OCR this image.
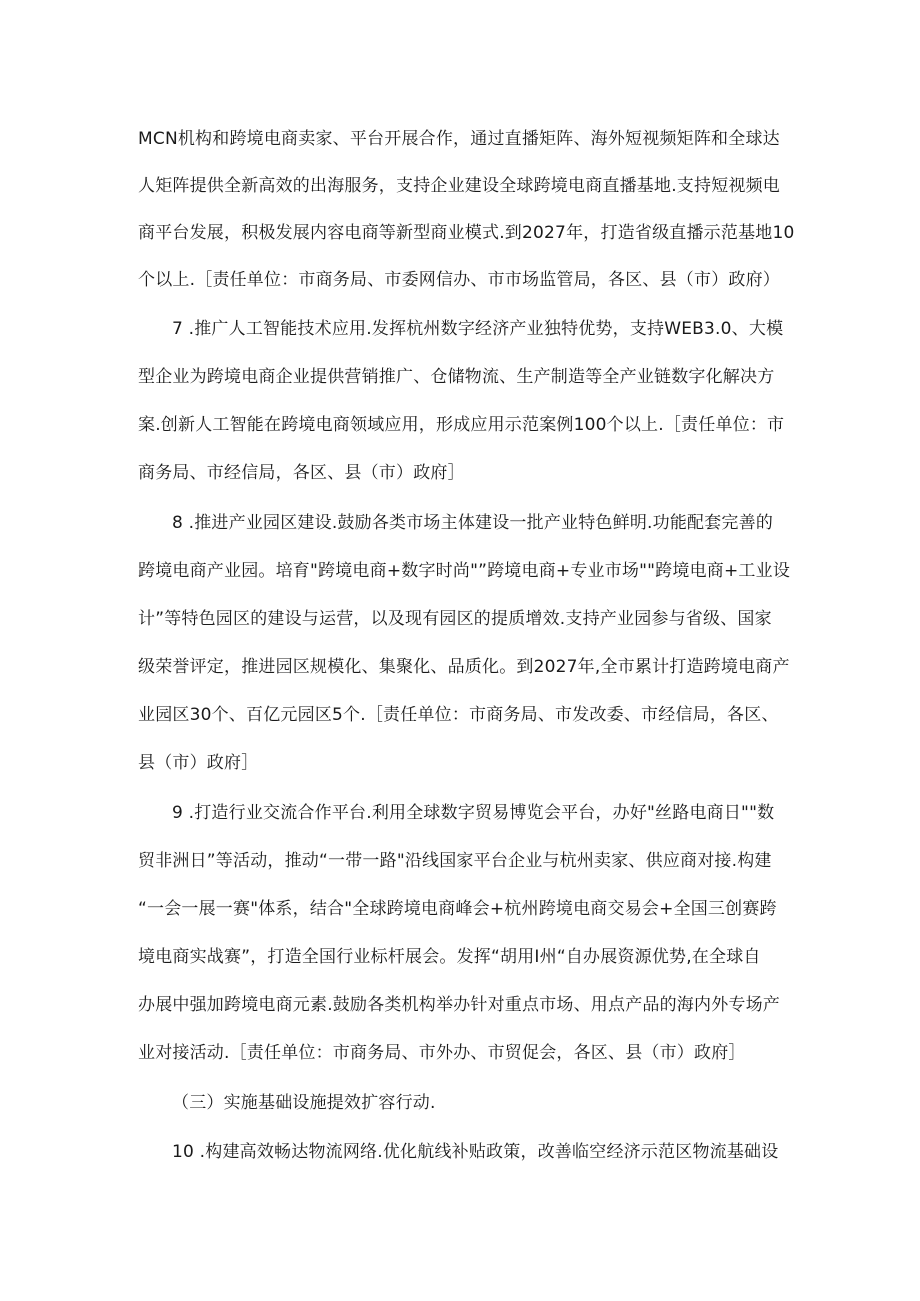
MCN机构和跨境电商卖家、平台开展合作，通过直播矩阵、海外短视频矩阵和全球达
人矩阵提供全新高效的出海服务，支持企业建设全球跨境电商直播基地.支持短视频电
商平台发展，积极发展内容电商等新型商业模式.到2027年，打造省级直播示范基地10
个以上.［责任单位：市商务局、市委网信办、市市场监管局，各区、县（市）政府）
7 .推广人工智能技术应用.发挥杭州数字经济产业独特优势，支持WEB3.0、大模
型企业为跨境电商企业提供营销推广、仓储物流、生产制造等全产业链数字化解决方
案.创新人工智能在跨境电商领域应用，形成应用示范案例100个以上.［责任单位：市
商务局、市经信局，各区、县（市）政府］
8 .推进产业园区建设.鼓励各类市场主体建设一批产业特色鲜明.功能配套完善的
跨境电商产业园。培育"跨境电商+数字时尚"”跨境电商+专业市场""跨境电商+工业设
计”等特色园区的建设与运营，以及现有园区的提质增效.支持产业园参与省级、国家
级荣誉评定，推进园区规模化、集聚化、品质化。到2027年,全市累计打造跨境电商产
业园区30个、百亿元园区5个.［责任单位：市商务局、市发改委、市经信局，各区、
县（市）政府］
9 .打造行业交流合作平台.利用全球数字贸易博览会平台，办好"丝路电商日""数
贸非洲日”等活动，推动“一带一路"沿线国家平台企业与杭州卖家、供应商对接.构建
“一会一展一赛"体系，结合"全球跨境电商峰会+杭州跨境电商交易会+全国三创赛跨
境电商实战赛”，打造全国行业标杆展会。发挥“胡用I州“自办展资源优势,在全球自
办展中强加跨境电商元素.鼓励各类机构举办针对重点市场、用点产品的海内外专场产
业对接活动.［责任单位：市商务局、市外办、市贸促会，各区、县（市）政府］
（三）实施基础设施提效扩容行动.
10 .构建高效畅达物流网络.优化航线补贴政策，改善临空经济示范区物流基础设
